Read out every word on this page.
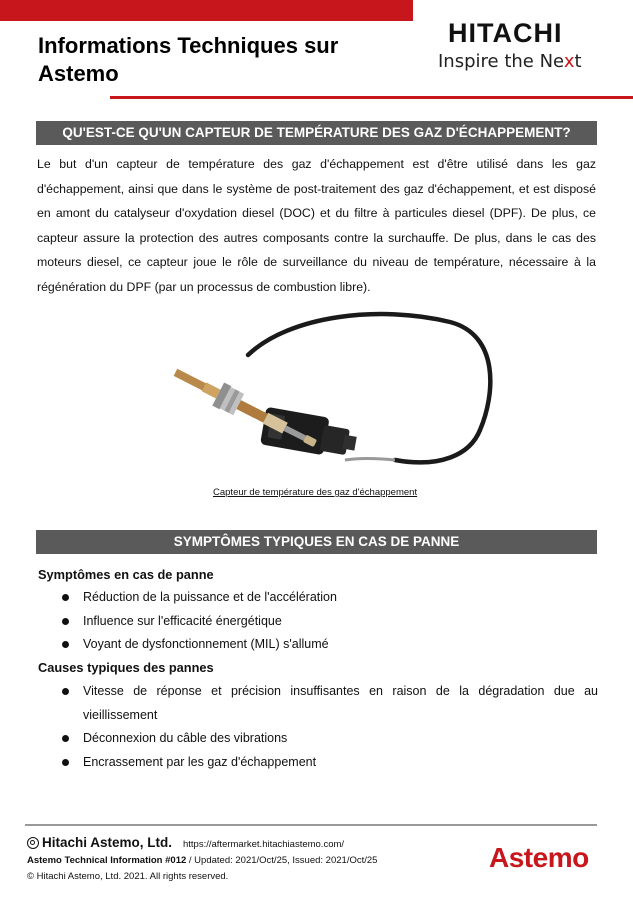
Informations Techniques sur Astemo
HITACHI
Inspire the Next
QU'EST-CE QU'UN CAPTEUR DE TEMPÉRATURE DES GAZ D'ÉCHAPPEMENT?
Le but d'un capteur de température des gaz d'échappement est d'être utilisé dans les gaz d'échappement, ainsi que dans le système de post-traitement des gaz d'échappement, et est disposé en amont du catalyseur d'oxydation diesel (DOC) et du filtre à particules diesel (DPF). De plus, ce capteur assure la protection des autres composants contre la surchauffe. De plus, dans le cas des moteurs diesel, ce capteur joue le rôle de surveillance du niveau de température, nécessaire à la régénération du DPF (par un processus de combustion libre).
Capteur de température des gaz d'échappement
SYMPTÔMES TYPIQUES EN CAS DE PANNE
Symptômes en cas de panne
Réduction de la puissance et de l'accélération
Influence sur l'efficacité énergétique
Voyant de dysfonctionnement (MIL) s'allumé
Causes typiques des pannes
Vitesse de réponse et précision insuffisantes en raison de la dégradation due au vieillissement
Déconnexion du câble des vibrations
Encrassement par les gaz d'échappement
Hitachi Astemo, Ltd. https://aftermarket.hitachiastemo.com/
Astemo Technical Information #012 / Updated: 2021/Oct/25, Issued: 2021/Oct/25
© Hitachi Astemo, Ltd. 2021. All rights reserved.
Astemo
